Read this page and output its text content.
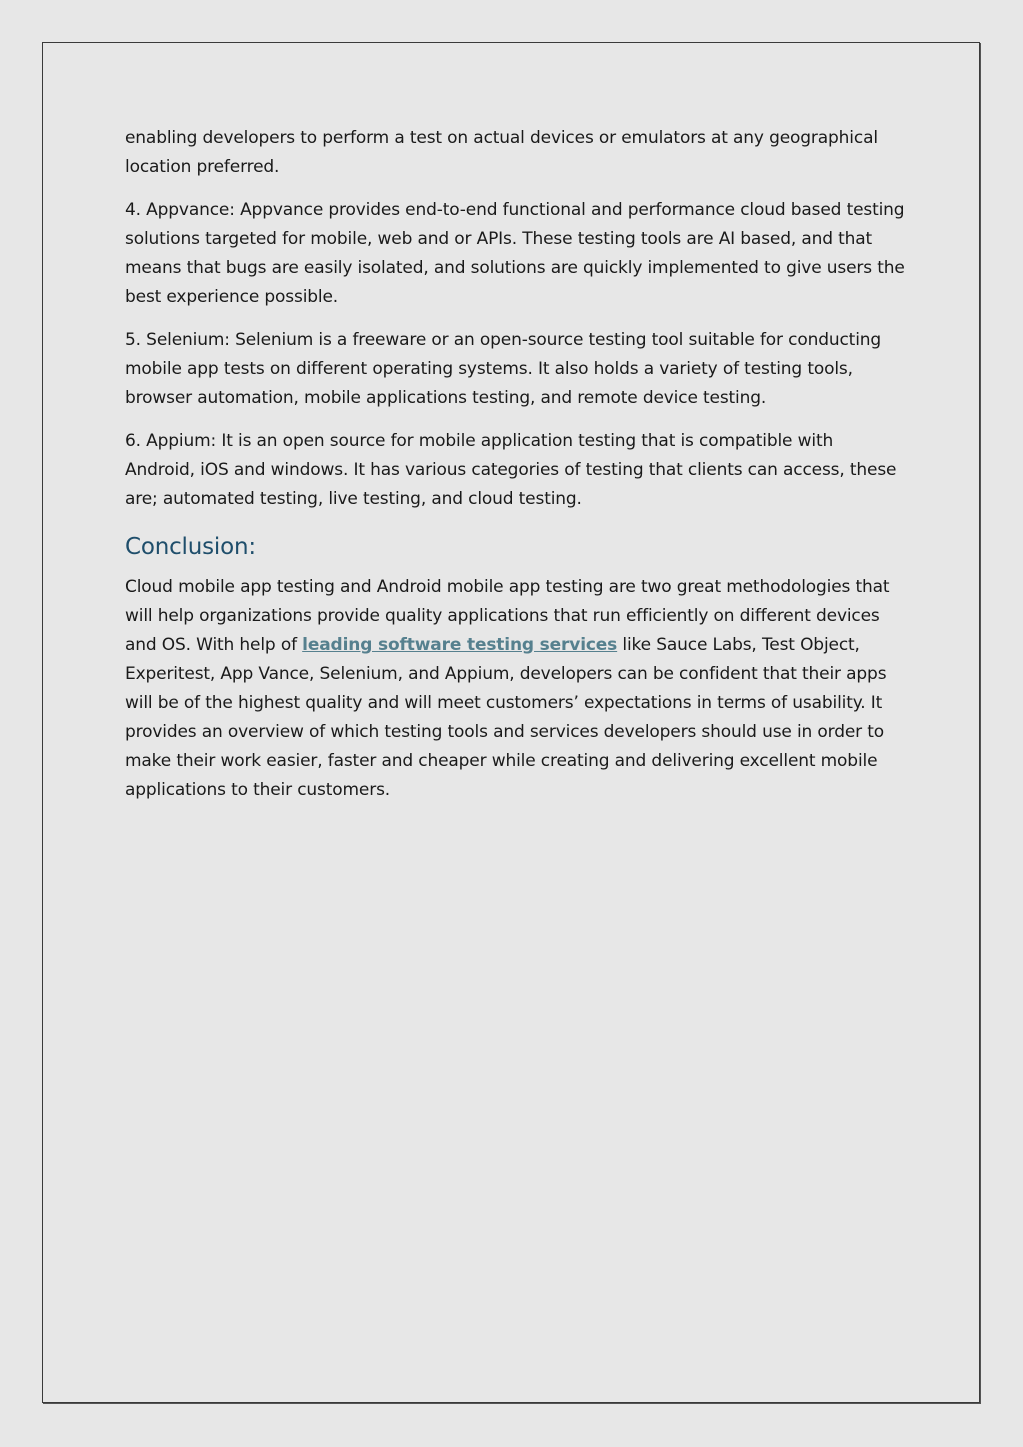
enabling developers to perform a test on actual devices or emulators at any geographical location preferred.

4. Appvance: Appvance provides end-to-end functional and performance cloud based testing solutions targeted for mobile, web and or APIs. These testing tools are AI based, and that means that bugs are easily isolated, and solutions are quickly implemented to give users the best experience possible.

5. Selenium: Selenium is a freeware or an open-source testing tool suitable for conducting mobile app tests on different operating systems. It also holds a variety of testing tools, browser automation, mobile applications testing, and remote device testing.

6. Appium: It is an open source for mobile application testing that is compatible with Android, iOS and windows. It has various categories of testing that clients can access, these are; automated testing, live testing, and cloud testing.

Conclusion:

Cloud mobile app testing and Android mobile app testing are two great methodologies that will help organizations provide quality applications that run efficiently on different devices and OS. With help of leading software testing services like Sauce Labs, Test Object, Experitest, App Vance, Selenium, and Appium, developers can be confident that their apps will be of the highest quality and will meet customers’ expectations in terms of usability. It provides an overview of which testing tools and services developers should use in order to make their work easier, faster and cheaper while creating and delivering excellent mobile applications to their customers.
